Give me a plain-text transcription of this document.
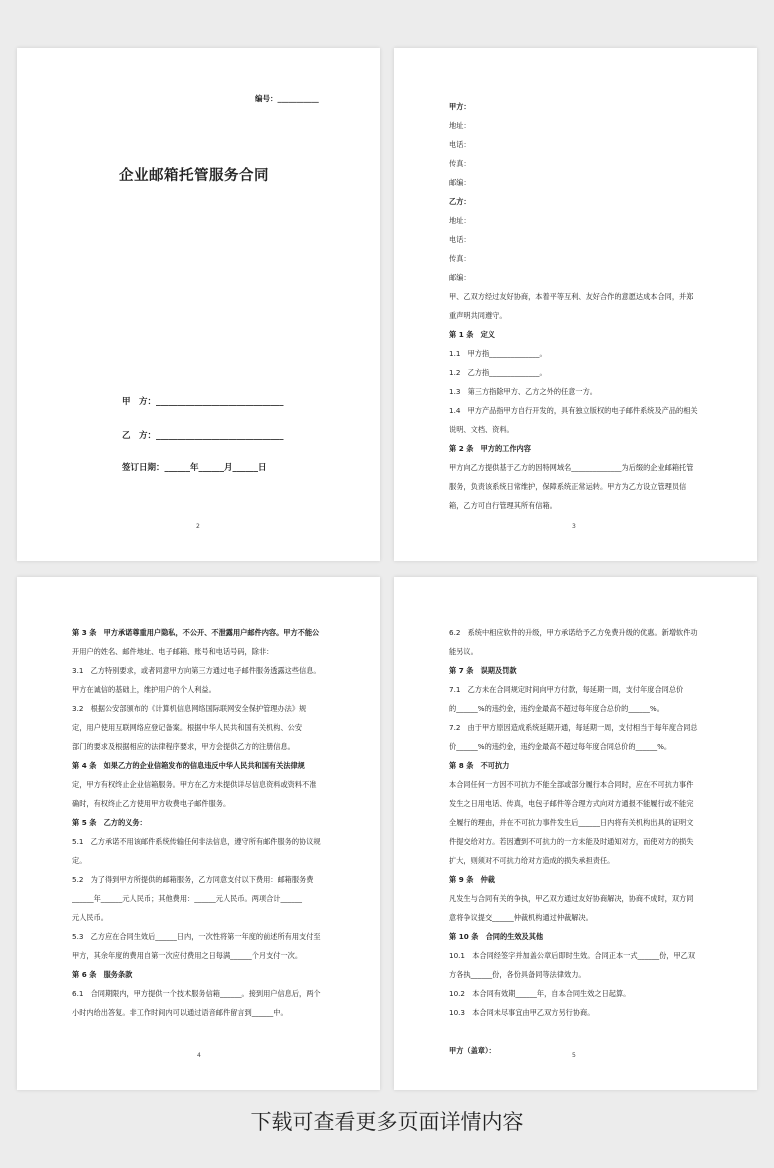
编号：___________
企业邮箱托管服务合同
甲　方：______________________________
乙　方：______________________________
签订日期：______年______月______日
2
甲方：
地址：
电话：
传真：
邮编：
乙方：
地址：
电话：
传真：
邮编：
甲、乙双方经过友好协商，本着平等互利、友好合作的意愿达成本合同，并郑
重声明共同遵守。
第 1 条　定义
1.1　甲方指______________。
1.2　乙方指______________。
1.3　第三方指除甲方、乙方之外的任意一方。
1.4　甲方产品指甲方自行开发的，具有独立版权的电子邮件系统及产品的相关
说明、文档、资料。
第 2 条　甲方的工作内容
甲方向乙方提供基于乙方的因特网域名______________为后缀的企业邮箱托管
服务，负责该系统日常维护，保障系统正常运转。甲方为乙方设立管理员信
箱，乙方可自行管理其所有信箱。
3
第 3 条　甲方承诺尊重用户隐私，不公开、不泄露用户邮件内容。甲方不能公
开用户的姓名、邮件地址、电子邮箱、账号和电话号码，除非：
3.1　乙方特别要求，或者同意甲方向第三方通过电子邮件服务透露这些信息。
甲方在诚信的基础上，维护用户的个人利益。
3.2　根据公安部颁布的《计算机信息网络国际联网安全保护管理办法》规
定，用户使用互联网络应登记备案。根据中华人民共和国有关机构、公安
部门的要求及根据相应的法律程序要求，甲方会提供乙方的注册信息。
第 4 条　如果乙方的企业信箱发布的信息违反中华人民共和国有关法律规
定，甲方有权终止企业信箱服务。甲方在乙方未提供详尽信息资料或资料不准
确时，有权终止乙方使用甲方收费电子邮件服务。
第 5 条　乙方的义务：
5.1　乙方承诺不用该邮件系统传输任何非法信息，遵守所有邮件服务的协议规
定。
5.2　为了得到甲方所提供的邮箱服务，乙方同意支付以下费用：邮箱服务费
______年______元人民币；其他费用：______元人民币。两项合计______
元人民币。
5.3　乙方应在合同生效后______日内，一次性将第一年度的前述所有用支付至
甲方，其余年度的费用自第一次应付费用之日每满______个月支付一次。
第 6 条　服务条款
6.1　合同期限内，甲方提供一个技术服务信箱______。接到用户信息后，两个
小时内给出答复。非工作时间内可以通过语音邮件留言到______中。
4
6.2　系统中相应软件的升级，甲方承诺给予乙方免费升级的优惠。新增软件功
能另议。
第 7 条　误期及罚款
7.1　乙方未在合同规定时间向甲方付款，每延期一周，支付年度合同总价
的______%的违约金，违约金最高不超过每年度合总价的______%。
7.2　由于甲方原因造成系统延期开通，每延期一周，支付相当于每年度合同总
价______%的违约金，违约金最高不超过每年度合同总价的______%。
第 8 条　不可抗力
本合同任何一方因不可抗力不能全部或部分履行本合同时，应在不可抗力事件
发生之日用电话、传真，电包子邮件等合理方式向对方通报不能履行或不能完
全履行的理由，并在不可抗力事件发生后______日内将有关机构出具的证明文
件提交给对方。若因遭到不可抗力的一方未能及时通知对方，而使对方的损失
扩大，则须对不可抗力给对方造成的损失承担责任。
第 9 条　仲裁
凡发生与合同有关的争执，甲乙双方通过友好协商解决，协商不成时，双方同
意将争议提交______仲裁机构通过仲裁解决。
第 10 条　合同的生效及其他
10.1　本合同经签字并加盖公章后即时生效。合同正本一式______份，甲乙双
方各执______份，各份具备同等法律效力。
10.2　本合同有效期______年，自本合同生效之日起算。
10.3　本合同未尽事宜由甲乙双方另行协商。
甲方（盖章）：
5
下载可查看更多页面详情内容
